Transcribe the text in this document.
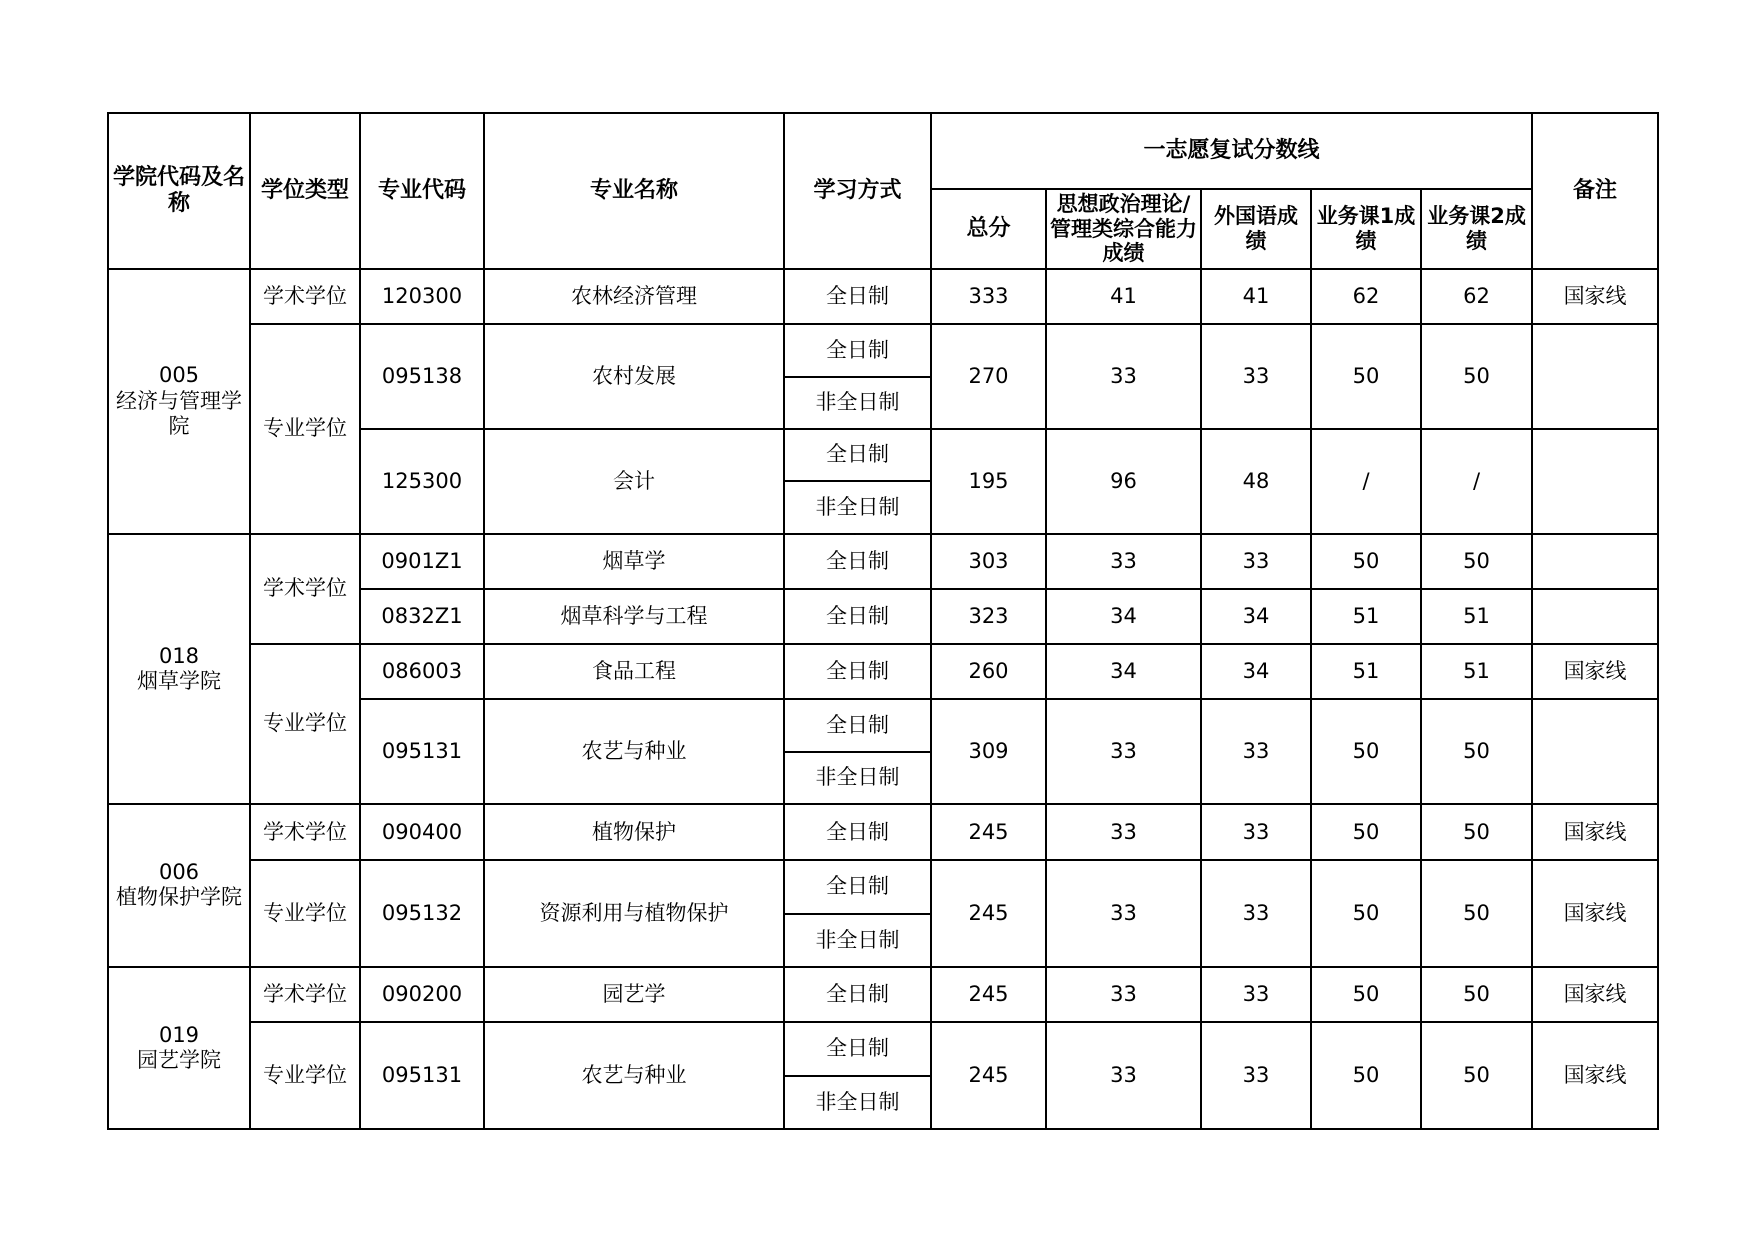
学院代码及名称	学位类型	专业代码	专业名称	学习方式	一志愿复试分数线					备注
					总分	思想政治理论/管理类综合能力成绩	外国语成绩	业务课1成绩	业务课2成绩	

005
经济与管理学院	学术学位	120300	农林经济管理	全日制	333	41	41	62	62	国家线
	专业学位	095138	农村发展	全日制	270	33	33	50	50	
				非全日制						
		125300	会计	全日制	195	96	48	/	/	
				非全日制						

018
烟草学院	学术学位	0901Z1	烟草学	全日制	303	33	33	50	50	
		0832Z1	烟草科学与工程	全日制	323	34	34	51	51	
	专业学位	086003	食品工程	全日制	260	34	34	51	51	国家线
		095131	农艺与种业	全日制	309	33	33	50	50	
				非全日制						

006
植物保护学院	学术学位	090400	植物保护	全日制	245	33	33	50	50	国家线
	专业学位	095132	资源利用与植物保护	全日制	245	33	33	50	50	国家线
				非全日制						

019
园艺学院	学术学位	090200	园艺学	全日制	245	33	33	50	50	国家线
	专业学位	095131	农艺与种业	全日制	245	33	33	50	50	国家线
				非全日制						
